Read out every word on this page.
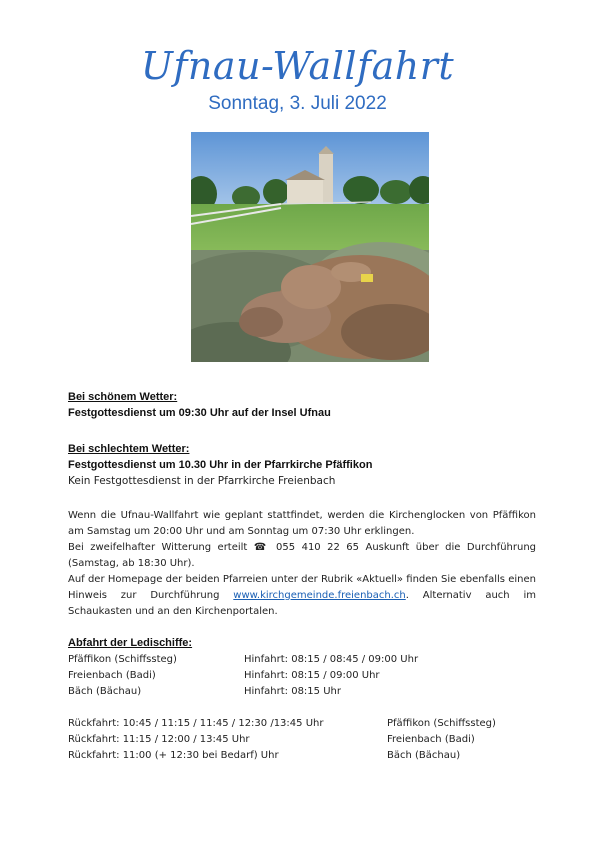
Ufnau-Wallfahrt
Sonntag, 3. Juli 2022
Bei schönem Wetter:
Festgottesdienst um 09:30 Uhr auf der Insel Ufnau
Bei schlechtem Wetter:
Festgottesdienst um 10.30 Uhr in der Pfarrkirche Pfäffikon
Kein Festgottesdienst in der Pfarrkirche Freienbach
Wenn die Ufnau-Wallfahrt wie geplant stattfindet, werden die Kirchenglocken von Pfäffikon am Samstag um 20:00 Uhr und am Sonntag um 07:30 Uhr erklingen.
Bei zweifelhafter Witterung erteilt ☎ 055 410 22 65 Auskunft über die Durchführung (Samstag, ab 18:30 Uhr).
Auf der Homepage der beiden Pfarreien unter der Rubrik «Aktuell» finden Sie ebenfalls einen Hinweis zur Durchführung www.kirchgemeinde.freienbach.ch. Alternativ auch im Schaukasten und an den Kirchenportalen.
Abfahrt der Ledischiffe:
Pfäffikon (Schiffssteg)	Hinfahrt: 08:15 / 08:45 / 09:00 Uhr
Freienbach (Badi)	Hinfahrt: 08:15 / 09:00 Uhr
Bäch (Bächau)	Hinfahrt: 08:15 Uhr
Rückfahrt: 10:45 / 11:15 / 11:45 / 12:30 /13:45 Uhr	Pfäffikon (Schiffssteg)
Rückfahrt: 11:15 / 12:00 / 13:45 Uhr	Freienbach (Badi)
Rückfahrt: 11:00 (+ 12:30 bei Bedarf) Uhr	Bäch (Bächau)
